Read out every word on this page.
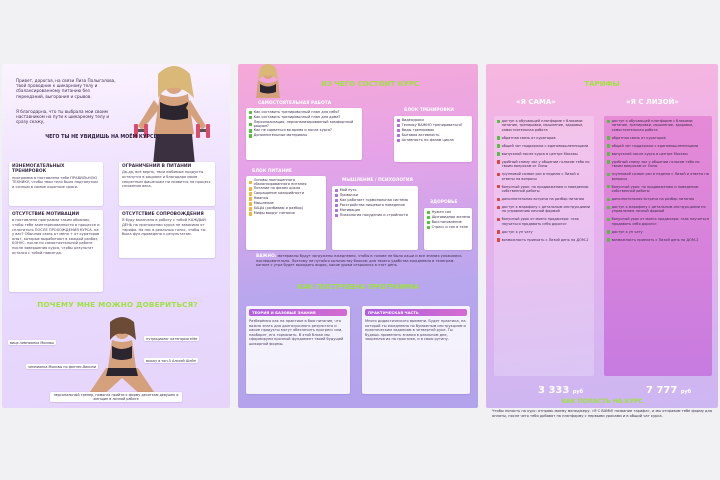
Привет, дорогая, на связи Лиза Полыгалова, твой проводник к шикарному телу и сбалансированному питанию без перееданий, выгорания и срывов.
Я благодарна, что ты выбрала мои своим наставником на пути к шикарному телу и сразу скажу,
ЧЕГО ТЫ НЕ УВИДИШЬ НА МОЁМ КУРСЕ:
ИЗНЕМОГАТЕЛЬНЫХ ТРЕНИРОВОК
программа в поставлена тебе ПРАВИЛЬНОЮ ТЕХНИКУ, чтобы твои тело было подтянутым и сочным в самые короткие сроки.
ОГРАНИЧЕНИЙ В ПИТАНИИ
Да-да, всё верно, твои любимые продукты останутся в рационе и благодаря моим секретным фишечкам ни появится на процесс снижения веса.
ОТСУТСТВИЕ МОТИВАЦИИ
в поставлена программа таким образом, чтобы тебе заинтересованности в процессе и сплотиться ПОСЛЕ ПРОХОЖДЕНИЯ КУРСА. на у вас? Обычная связь от меня + от кураторов опыт, которые выработают в каждой разбаз, БОНУС. после по самостоятельной работе после завершения курса, чтобы результат остался с тобой навсегда.
ОТСУТСТВИЕ СОПРОВОЖДЕНИЯ
Я буду включена в работу с тобой КАЖДЫЙ ДЕНЬ на протяжении курса не зависимо от тарифа. На нас в реальных голос, чтобы ты была фул-проведена к результатам.
ПОЧЕМУ МНЕ МОЖНО ДОВЕРИТЬСЯ?
вице-чемпионка Москвы
нутрициолог категории elite
чемпионка Москвы по фитнес-бикини
вхожу в топ-5 Алсоей Шейп
персональный тренер, помогла прийти к форму десяткам девушек и женщин в личной работе
ИЗ ЧЕГО СОСТОИТ КУРС
САМОСТОЯТЕЛЬНАЯ РАБОТА
Как составить тренировочный план для себя?
Как составить тренировочный план для дома?
Персонализация, персонализированный комфортный рацион?
Как не сорваться во время и после курса?
Дополнительные материалы
БЛОК ТРЕНИРОВКИ
Видеоуроки
Технику ВАЖНО тренироваться?
Виды тренировок
Бытовая активность
Активность по фазам цикла
БЛОК ПИТАНИЕ
Основы полноценного сбалансированного питания
Питание по фазам цикла
Сокращение калорийности
Нюансы
Мышление
ХАЦЫ (разбиваю и разбор)
Мифы вокруг питания
МЫШЛЕНИЕ / ПСИХОЛОГИЯ
Мой путь
Привычки
Как работает гормональная система
Расстройства пищевого поведения
Мотивация
Психология похудения и стройности
ЗДОРОВЬЕ
Нужен сон
Щитовидная железа
Восстановление
Стресс и сон в теле
ВАЖНО: материалы будут загружены ежедневно, чтобы в голове не было каши и все знания уложились последовательно. Поэтому не путайся количеству блоков: для твоего удобства ежедневно в телеграм-канале с утра будет выходить видео, какие уроки открылись в этот день.
КАК ПОСТРОЕНА ПРОГРАММА
ТЕОРИЯ И БАЗОВЫЕ ЗНАНИЯ
Разберёмся как на практике в бою питание, что важно знать для долгосрочного результата и какие продукты могут обеспечить прогресс или, наоборот, его тормозить. В этой блоке мы сформируем прочный фундамент твоей будущей шикарной формы.
ПРАКТИЧЕСКАЯ ЧАСТЬ
Много дидактического времени. Будет практика, на которой ты ежедневно по бумажным инструкциям и практическим заданиям в четвертой руке. Ты будешь применять знания в реальном дне, закрепляя их на практике, и в свою рутину.
ТАРИФЫ
«Я САМА»	«Я С ЛИЗОЙ»
доступ к обучающей платформе с блоками: питание, тренировки, мышление, здоровье, самостоятельная работа
обратная связь от кураторов
общий чат поддержки с единомышленницами
выпускной после курса в центре Москвы
удобный сниму зал у общении голосом тебя по твоим вопросам от Лизы
групповой созвон раз в неделю с Лизой и ответы на вопросы
бонусный урок: по продвижению и поведению собственной работы
дополнительная встреча на разбор питания
доступ к марафону с детальным инструкциями по управлению личной формой
бонусный урок от моего продюсера: «как научиться продавать себя дорого»
доступ к уп чату
возможность приехать с Лизой день на ДОМ-2
доступ к обучающей платформе с блоками: питание, тренировки, мышление, здоровье, самостоятельная работа
обратная связь от кураторов
общий чат поддержки с единомышленницами
выпускной после курса в центре Москвы
удобный сниму зал у общении голосом тебя по твоим вопросам от Лизы
групповой созвон раз в неделю с Лизой и ответы на вопросы
бонусный урок: по продвижению и поведению собственной работы
дополнительная встреча на разбор питания
доступ к марафону с детальным инструкциями по управлению личной формой
бонусный урок от моего продюсера: «как научиться продавать себя дорого»
доступ к уп чату
возможность приехать с Лизой день на ДОМ-2
3 333 руб	7 777 руб
КАК ПОПАСТЬ НА КУРС
Чтобы попасть на курс: отправь моему менеджеру: «Я С ВАМИ! название тарифа», и мы отправим тебе форму для оплаты, после чего тебя добавят на платформу с первыми уроками и в общий чат курса.
